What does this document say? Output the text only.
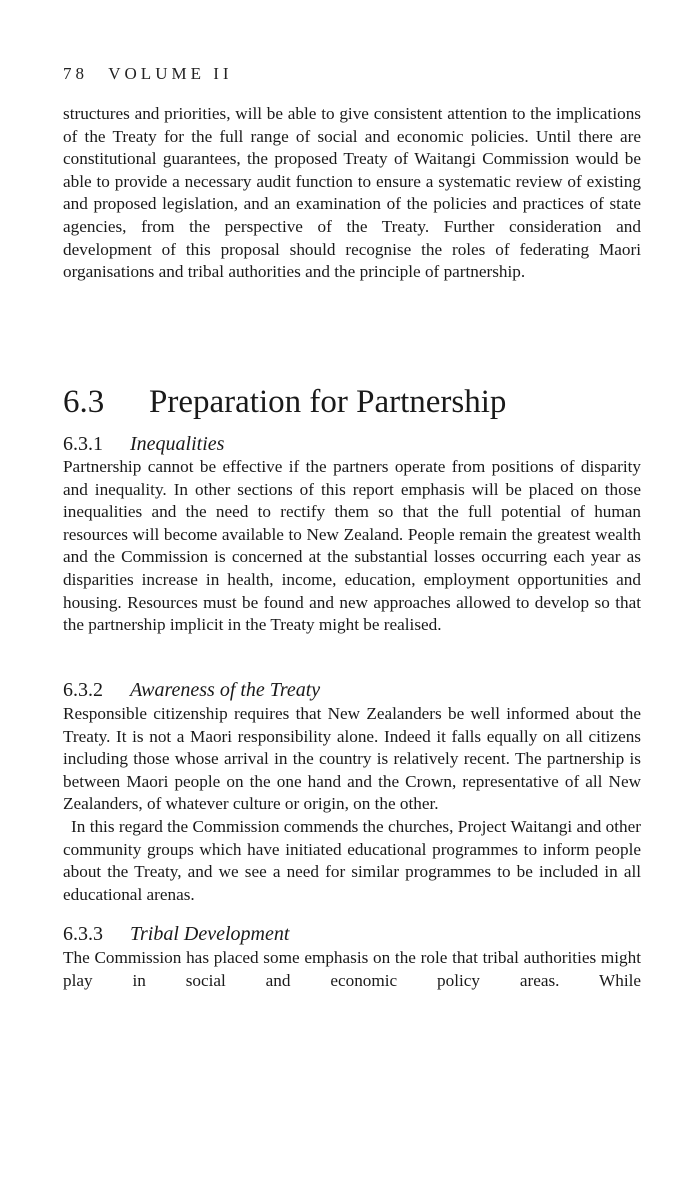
78 VOLUME II

structures and priorities, will be able to give consistent attention to the implications of the Treaty for the full range of social and economic policies. Until there are constitutional guarantees, the proposed Treaty of Waitangi Commission would be able to provide a necessary audit function to ensure a systematic review of existing and proposed legislation, and an examination of the policies and practices of state agencies, from the perspective of the Treaty. Further consideration and development of this proposal should recognise the roles of federating Maori organisations and tribal authorities and the principle of partnership.

6.3 Preparation for Partnership
6.3.1 Inequalities

Partnership cannot be effective if the partners operate from positions of disparity and inequality. In other sections of this report emphasis will be placed on those inequalities and the need to rectify them so that the full potential of human resources will become available to New Zealand. People remain the greatest wealth and the Commission is concerned at the substantial losses occurring each year as disparities increase in health, income, education, employment opportunities and housing. Resources must be found and new approaches allowed to develop so that the partnership implicit in the Treaty might be realised.

6.3.2 Awareness of the Treaty

Responsible citizenship requires that New Zealanders be well informed about the Treaty. It is not a Maori responsibility alone. Indeed it falls equally on all citizens including those whose arrival in the country is relatively recent. The partnership is between Maori people on the one hand and the Crown, representative of all New Zealanders, of whatever culture or origin, on the other.

In this regard the Commission commends the churches, Project Waitangi and other community groups which have initiated educational programmes to inform people about the Treaty, and we see a need for similar programmes to be included in all educational arenas.

6.3.3 Tribal Development

The Commission has placed some emphasis on the role that tribal authorities might play in social and economic policy areas. While
